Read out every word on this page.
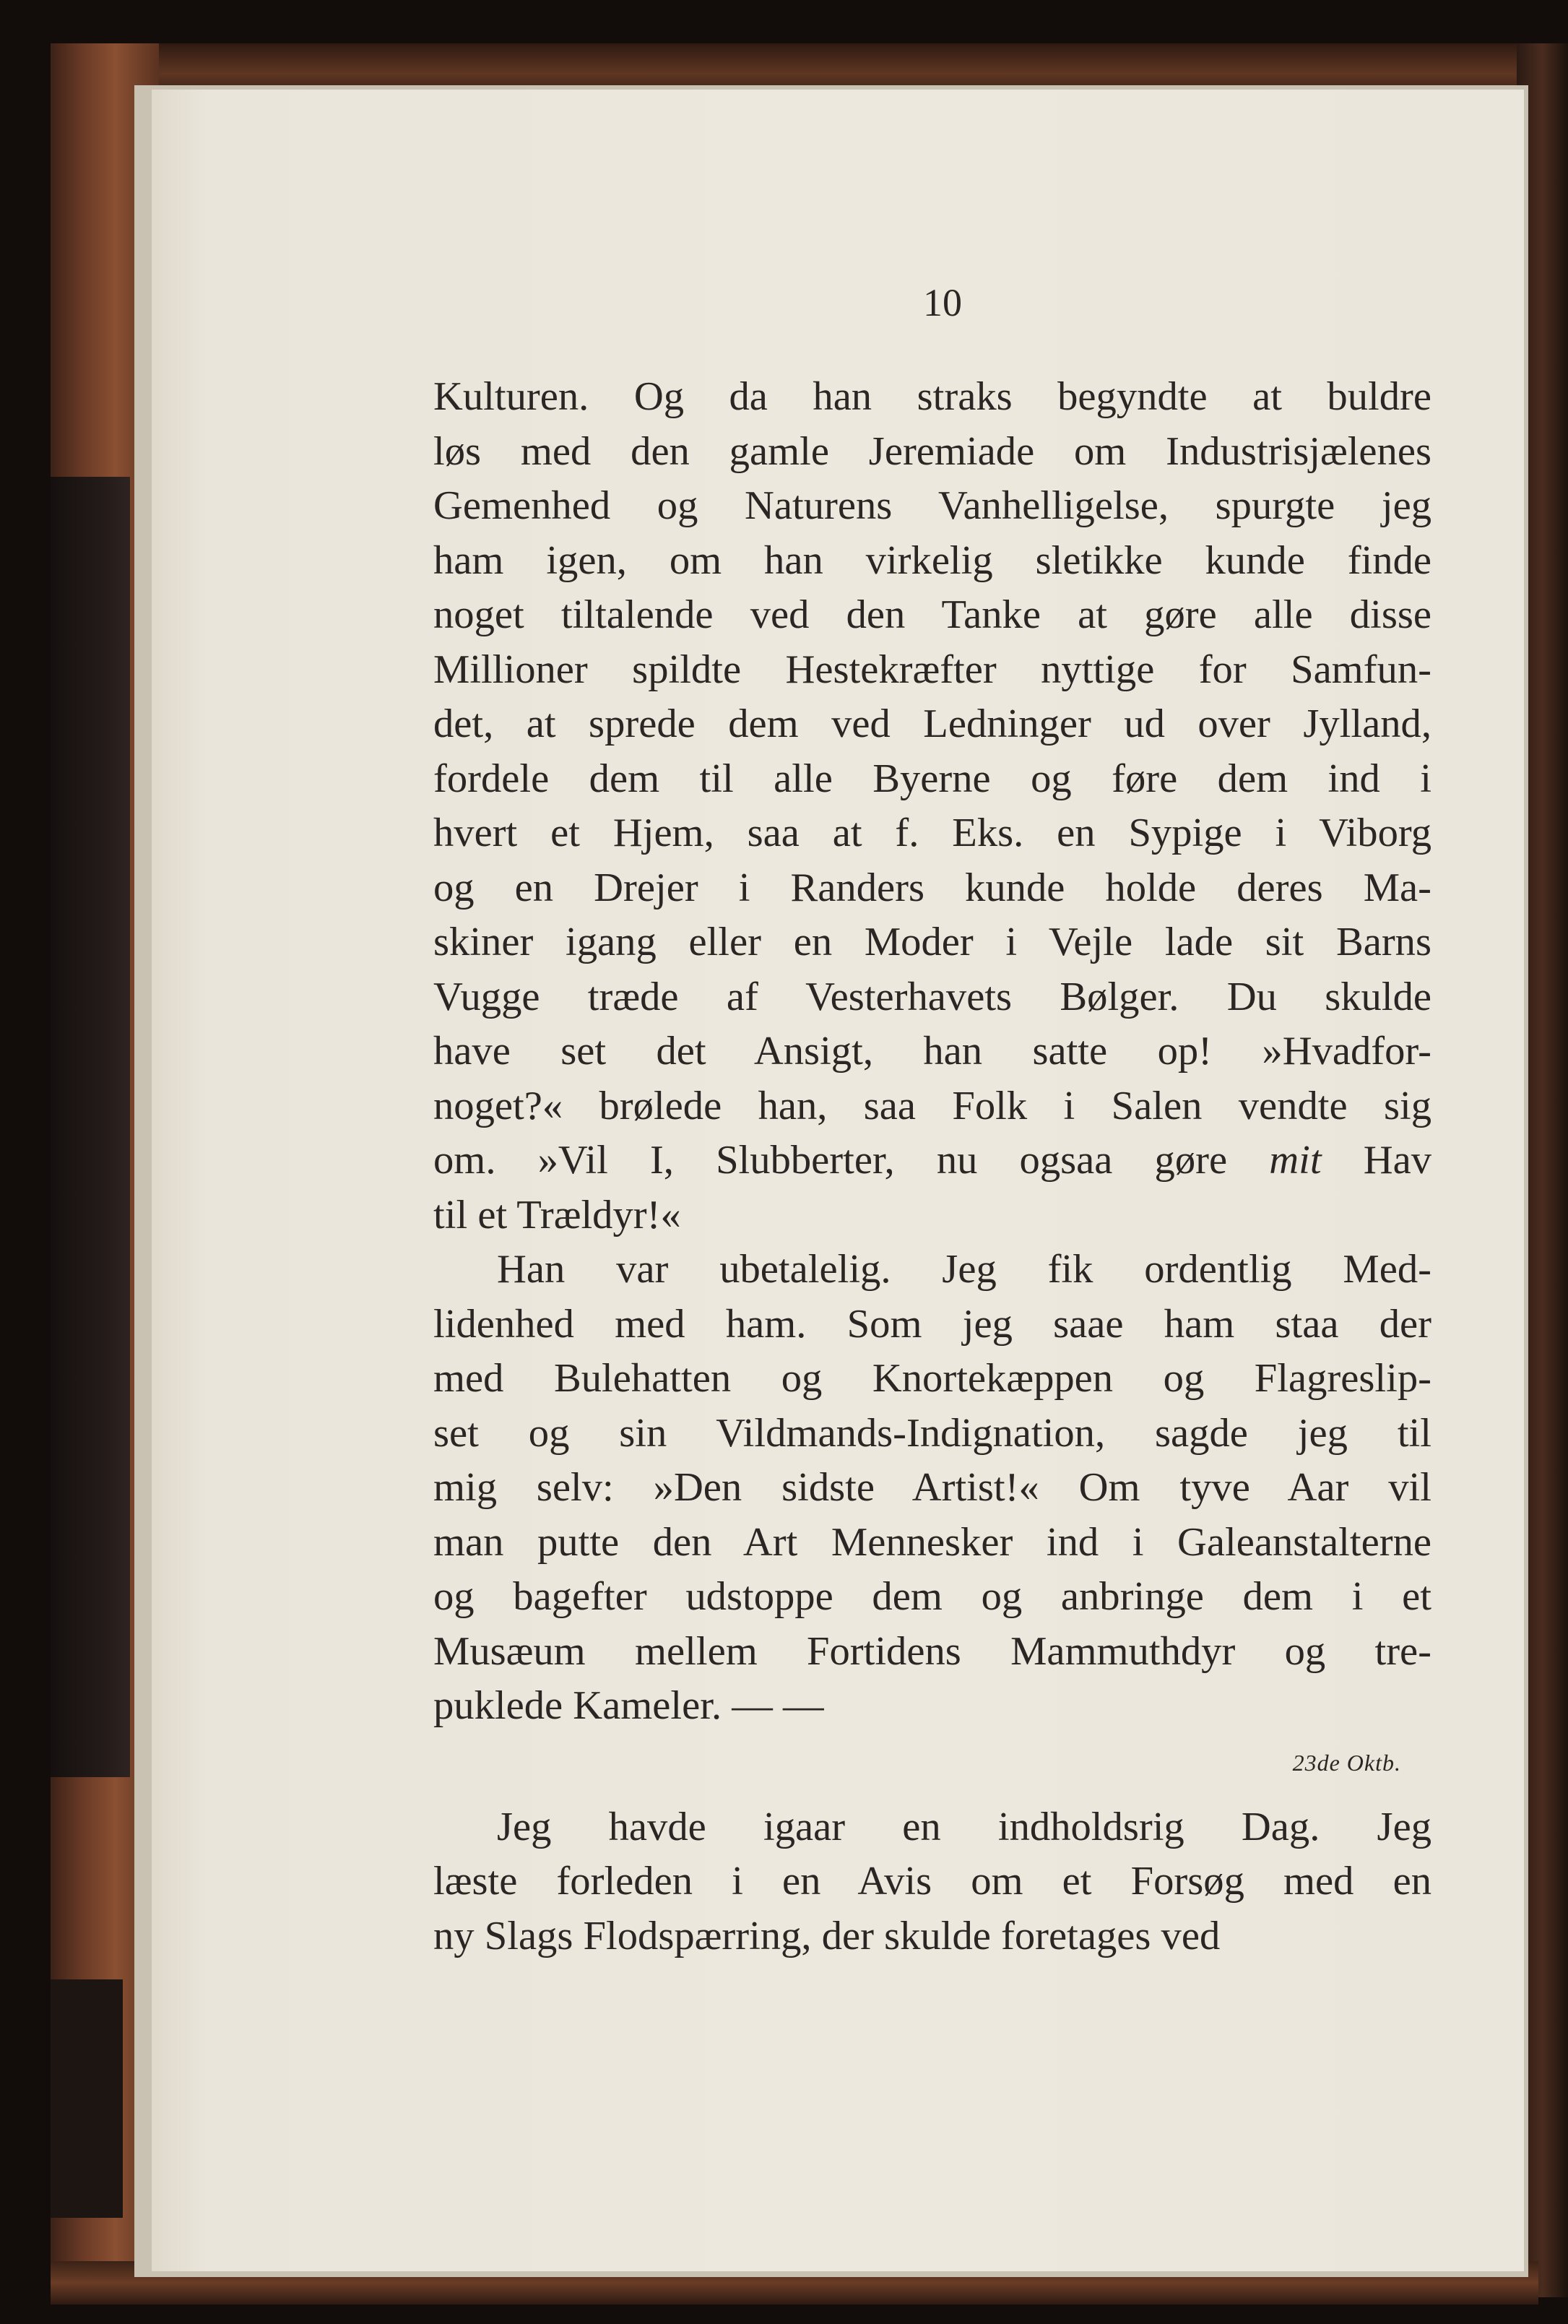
10
Kulturen. Og da han straks begyndte at buldre
løs med den gamle Jeremiade om Industrisjælenes
Gemenhed og Naturens Vanhelligelse, spurgte jeg
ham igen, om han virkelig sletikke kunde finde
noget tiltalende ved den Tanke at gøre alle disse
Millioner spildte Hestekræfter nyttige for Samfun-
det, at sprede dem ved Ledninger ud over Jylland,
fordele dem til alle Byerne og føre dem ind i
hvert et Hjem, saa at f. Eks. en Sypige i Viborg
og en Drejer i Randers kunde holde deres Ma-
skiner igang eller en Moder i Vejle lade sit Barns
Vugge træde af Vesterhavets Bølger. Du skulde
have set det Ansigt, han satte op! »Hvadfor-
noget?« brølede han, saa Folk i Salen vendte sig
om. »Vil I, Slubberter, nu ogsaa gøre mit Hav
til et Trældyr!«
Han var ubetalelig. Jeg fik ordentlig Med-
lidenhed med ham. Som jeg saae ham staa der
med Bulehatten og Knortekæppen og Flagreslip-
set og sin Vildmands-Indignation, sagde jeg til
mig selv: »Den sidste Artist!« Om tyve Aar vil
man putte den Art Mennesker ind i Galeanstalterne
og bagefter udstoppe dem og anbringe dem i et
Musæum mellem Fortidens Mammuthdyr og tre-
puklede Kameler. — —
23de Oktb.
Jeg havde igaar en indholdsrig Dag. Jeg
læste forleden i en Avis om et Forsøg med en
ny Slags Flodspærring, der skulde foretages ved
